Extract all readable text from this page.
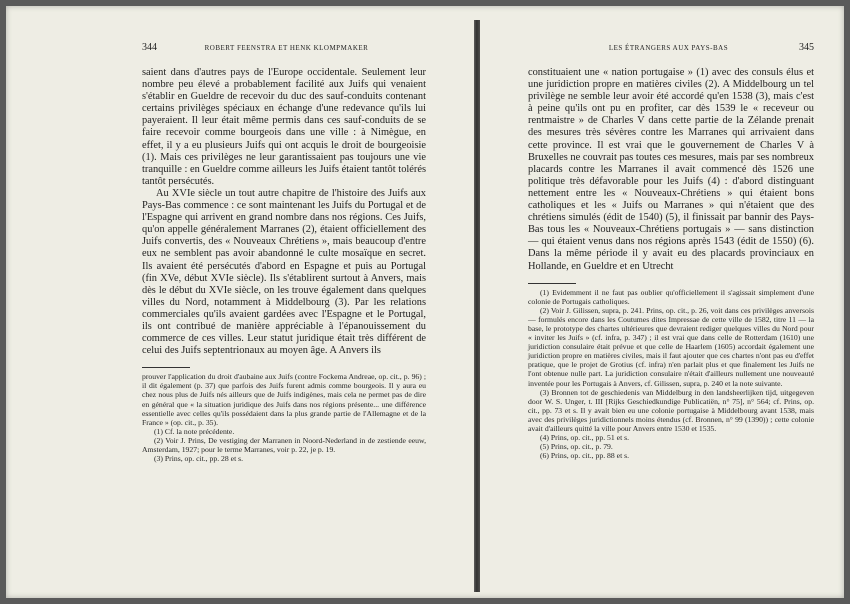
344	ROBERT FEENSTRA ET HENK KLOMPMAKER

saient dans d'autres pays de l'Europe occidentale. Seulement leur nombre peu élevé a probablement facilité aux Juifs qui venaient s'établir en Gueldre de recevoir du duc des sauf-conduits contenant certains privilèges spéciaux en échange d'une redevance qu'ils lui payeraient. Il leur était même permis dans ces sauf-conduits de se faire recevoir comme bourgeois dans une ville : à Nimègue, en effet, il y a eu plusieurs Juifs qui ont acquis le droit de bourgeoisie (1). Mais ces privilèges ne leur garantissaient pas toujours une vie tranquille : en Gueldre comme ailleurs les Juifs étaient tantôt tolérés tantôt persécutés.

Au XVIe siècle un tout autre chapitre de l'histoire des Juifs aux Pays-Bas commence : ce sont maintenant les Juifs du Portugal et de l'Espagne qui arrivent en grand nombre dans nos régions. Ces Juifs, qu'on appelle généralement Marranes (2), étaient officiellement des Juifs convertis, des « Nouveaux Chrétiens », mais beaucoup d'entre eux ne semblent pas avoir abandonné le culte mosaïque en secret. Ils avaient été persécutés d'abord en Espagne et puis au Portugal (fin XVe, début XVIe siècle). Ils s'établirent surtout à Anvers, mais dès le début du XVIe siècle, on les trouve également dans quelques villes du Nord, notamment à Middelbourg (3). Par les relations commerciales qu'ils avaient gardées avec l'Espagne et le Portugal, ils ont contribué de manière appréciable à l'épanouissement du commerce de ces villes. Leur statut juridique était très différent de celui des Juifs septentrionaux au moyen âge. A Anvers ils

prouver l'application du droit d'aubaine aux Juifs (contre Fockema Andreae, op. cit., p. 96) ; il dit également (p. 37) que parfois des Juifs furent admis comme bourgeois. Il y aura eu chez nous plus de Juifs nés ailleurs que de Juifs indigènes, mais cela ne permet pas de dire en général que « la situation juridique des Juifs dans nos régions présente... une différence essentielle avec celles qu'ils possédaient dans la plus grande partie de l'Allemagne et de la France » (op. cit., p. 35).

(1) Cf. la note précédente.

(2) Voir J. Prins, De vestiging der Marranen in Noord-Nederland in de zestiende eeuw, Amsterdam, 1927; pour le terme Marranes, voir p. 22, je p. 19.

(3) Prins, op. cit., pp. 28 et s.

LES ÉTRANGERS AUX PAYS-BAS	345

constituaient une « nation portugaise » (1) avec des consuls élus et une juridiction propre en matières civiles (2). A Middelbourg un tel privilège ne semble leur avoir été accordé qu'en 1538 (3), mais c'est à peine qu'ils ont pu en profiter, car dès 1539 le « receveur ou rentmaistre » de Charles V dans cette partie de la Zélande prenait des mesures très sévères contre les Marranes qui arrivaient dans cette province. Il est vrai que le gouvernement de Charles V à Bruxelles ne couvrait pas toutes ces mesures, mais par ses nombreux placards contre les Marranes il avait commencé dès 1526 une politique très défavorable pour les Juifs (4) : d'abord distinguant nettement entre les « Nouveaux-Chrétiens » qui étaient bons catholiques et les « Juifs ou Marranes » qui n'étaient que des chrétiens simulés (édit de 1540) (5), il finissait par bannir des Pays-Bas tous les « Nouveaux-Chrétiens portugais » — sans distinction — qui étaient venus dans nos régions après 1543 (édit de 1550) (6). Dans la même période il y avait eu des placards provinciaux en Hollande, en Gueldre et en Utrecht

(1) Evidemment il ne faut pas oublier qu'officiellement il s'agissait simplement d'une colonie de Portugais catholiques.

(2) Voir J. Gilissen, supra, p. 241. Prins, op. cit., p. 26, voit dans ces privilèges anversois — formulés encore dans les Coutumes dites Impressae de cette ville de 1582, titre 11 — la base, le prototype des chartes ultérieures que devraient rediger quelques villes du Nord pour « inviter les Juifs » (cf. infra, p. 347) ; il est vrai que dans celle de Rotterdam (1610) une juridiction consulaire était prévue et que celle de Haarlem (1605) accordait également une juridiction propre en matières civiles, mais il faut ajouter que ces chartes n'ont pas eu d'effet pratique, que le projet de Grotius (cf. infra) n'en parlait plus et que finalement les Juifs ne l'ont obtenue nulle part. La juridiction consulaire n'était d'ailleurs nullement une nouveauté inventée pour les Portugais à Anvers, cf. Gilissen, supra, p. 240 et la note suivante.

(3) Bronnen tot de geschiedenis van Middelburg in den landsheerlijken tijd, uitgegeven door W. S. Unger, t. III [Rijks Geschiedkundige Publicatiën, n° 75], n° 564; cf. Prins, op. cit., pp. 73 et s. Il y avait bien eu une colonie portugaise à Middelbourg avant 1538, mais avec des privilèges juridictionnels moins étendus (cf. Bronnen, n° 99 (1390)) ; cette colonie avait d'ailleurs quitté la ville pour Anvers entre 1530 et 1535.

(4) Prins, op. cit., pp. 51 et s.

(5) Prins, op. cit., p. 79.

(6) Prins, op. cit., pp. 88 et s.
